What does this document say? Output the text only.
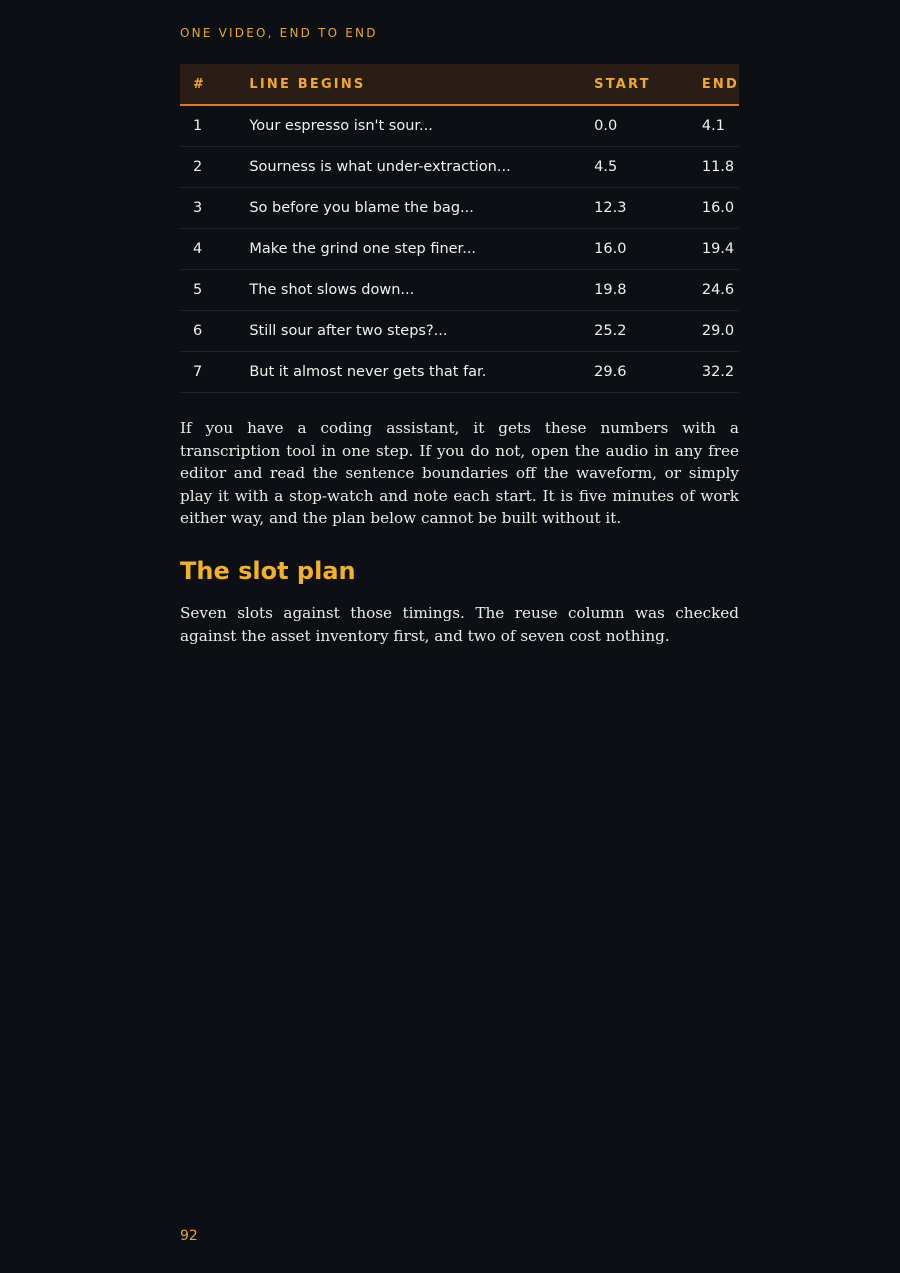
ONE VIDEO, END TO END
#	LINE BEGINS	START	END
1	Your espresso isn't sour...	0.0	4.1
2	Sourness is what under-extraction...	4.5	11.8
3	So before you blame the bag...	12.3	16.0
4	Make the grind one step finer...	16.0	19.4
5	The shot slows down...	19.8	24.6
6	Still sour after two steps?...	25.2	29.0
7	But it almost never gets that far.	29.6	32.2

If you have a coding assistant, it gets these numbers with a transcription tool in one step. If you do not, open the audio in any free editor and read the sentence boundaries off the waveform, or simply play it with a stop-watch and note each start. It is five minutes of work either way, and the plan below cannot be built without it.

The slot plan

Seven slots against those timings. The reuse column was checked against the asset inventory first, and two of seven cost nothing.

92
